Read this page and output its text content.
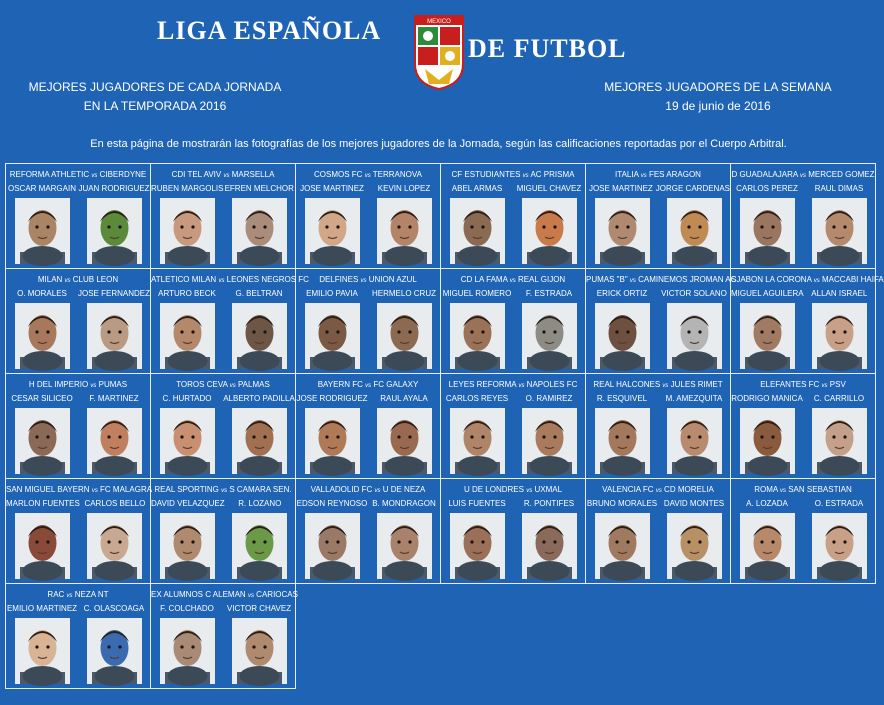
LIGA ESPAÑOLA	MEXICO
DE FUTBOL
MEJORES JUGADORES DE CADA JORNADA
EN LA TEMPORADA 2016
MEJORES JUGADORES DE LA SEMANA
19 de junio de 2016
En esta página de mostrarán las fotografías de los mejores jugadores de la Jornada, según las calificaciones reportadas por el Cuerpo Arbitral.
REFORMA ATHLETIC vs CIBERDYNE
OSCAR MARGAIN JUAN RODRIGUEZ
CDI TEL AVIV vs MARSELLA
RUBEN MARGOLIS EFREN MELCHOR
COSMOS FC vs TERRANOVA
JOSE MARTINEZ	KEVIN LOPEZ
CF ESTUDIANTES vs AC PRISMA
ABEL ARMAS	MIGUEL CHAVEZ
ITALIA vs FES ARAGON
JOSE MARTINEZ JORGE CARDENAS
D GUADALAJARA vs MERCED GOMEZ
CARLOS PEREZ	RAUL DIMAS
MILAN vs CLUB LEON
O. MORALES	JOSE FERNANDEZ
ATLETICO MILAN vs LEONES NEGROS FC
ARTURO BECK	G. BELTRAN
DELFINES vs UNION AZUL
EMILIO PAVIA	HERMELO CRUZ
CD LA FAMA vs REAL GIJON
MIGUEL ROMERO	F. ESTRADA
PUMAS "B" vs CAMINEMOS JROMAN AC
ERICK ORTIZ	VICTOR SOLANO
SJABON LA CORONA vs MACCABI HAIFA
MIGUEL AGUILERA ALLAN ISRAEL
H DEL IMPERIO vs PUMAS
CESAR SILICEO	F. MARTINEZ
TOROS CEVA vs PALMAS
C. HURTADO	ALBERTO PADILLA
BAYERN FC vs FC GALAXY
JOSE RODRIGUEZ	RAUL AYALA
LEYES REFORMA vs NAPOLES FC
CARLOS REYES	O. RAMIREZ
REAL HALCONES vs JULES RIMET
R. ESQUIVEL	M. AMEZQUITA
ELEFANTES FC vs PSV
RODRIGO MANICA	C. CARRILLO
SAN MIGUEL BAYERN vs FC MALAGRA
MARLON FUENTES CARLOS BELLO
REAL SPORTING vs S CAMARA SEN.
DAVID VELAZQUEZ	R. LOZANO
VALLADOLID FC vs U DE NEZA
EDSON REYNOSO B. MONDRAGON
U DE LONDRES vs UXMAL
LUIS FUENTES	R. PONTIFES
VALENCIA FC vs CD MORELIA
BRUNO MORALES DAVID MONTES
ROMA vs SAN SEBASTIAN
A. LOZADA	O. ESTRADA
RAC vs NEZA NT
EMILIO MARTINEZ C. OLASCOAGA
EX ALUMNOS C ALEMAN vs CARIOCAS
F. COLCHADO	VICTOR CHAVEZ
